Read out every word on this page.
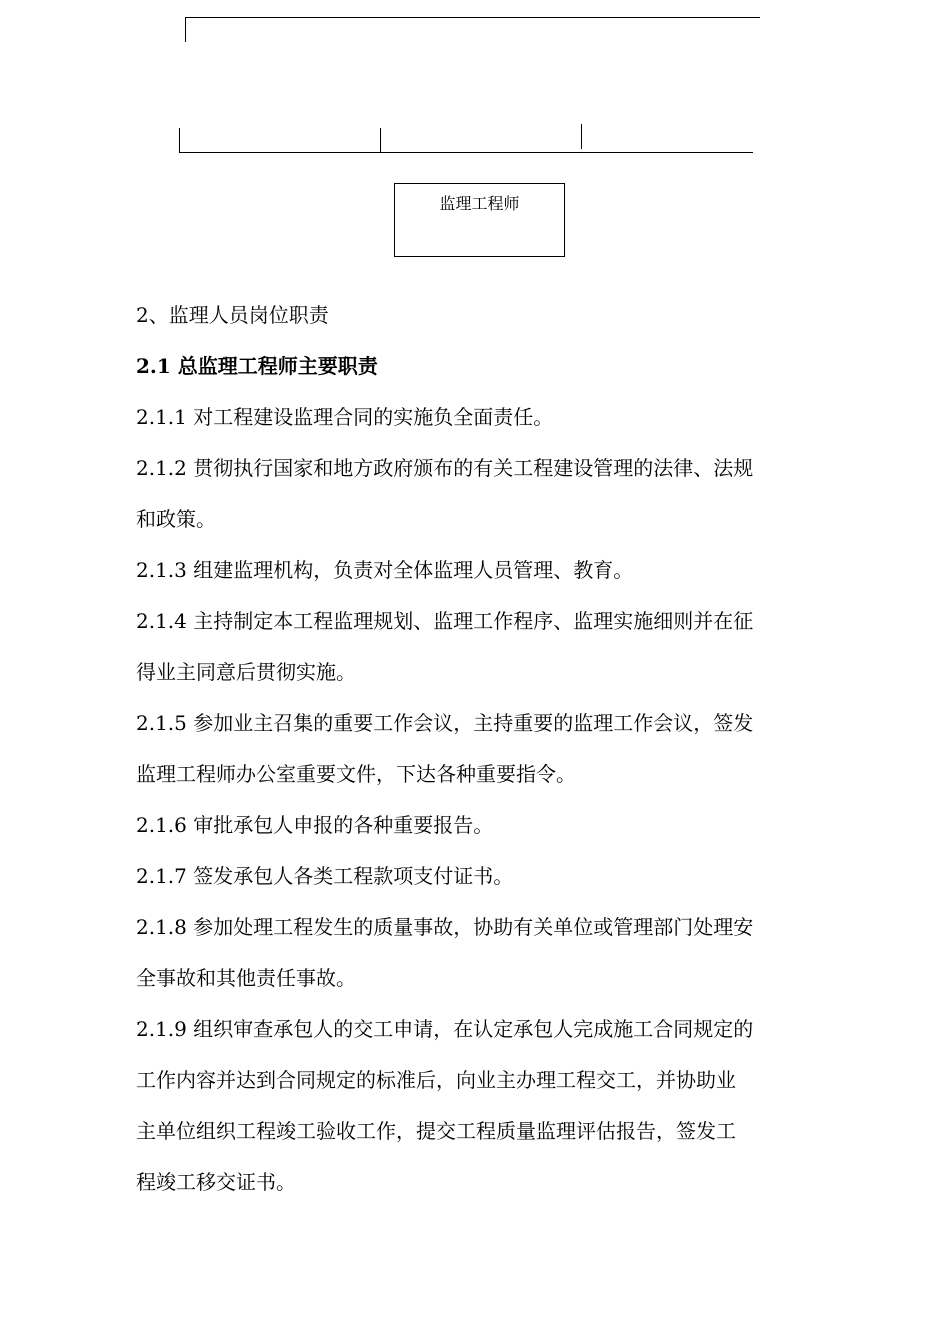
监理工程师

2、监理人员岗位职责

2.1 总监理工程师主要职责

2.1.1 对工程建设监理合同的实施负全面责任。

2.1.2 贯彻执行国家和地方政府颁布的有关工程建设管理的法律、法规

和政策。

2.1.3 组建监理机构，负责对全体监理人员管理、教育。

2.1.4 主持制定本工程监理规划、监理工作程序、监理实施细则并在征

得业主同意后贯彻实施。

2.1.5 参加业主召集的重要工作会议，主持重要的监理工作会议，签发

监理工程师办公室重要文件，下达各种重要指令。

2.1.6 审批承包人申报的各种重要报告。

2.1.7 签发承包人各类工程款项支付证书。

2.1.8 参加处理工程发生的质量事故，协助有关单位或管理部门处理安

全事故和其他责任事故。

2.1.9 组织审查承包人的交工申请，在认定承包人完成施工合同规定的

工作内容并达到合同规定的标准后，向业主办理工程交工，并协助业

主单位组织工程竣工验收工作，提交工程质量监理评估报告，签发工

程竣工移交证书。
